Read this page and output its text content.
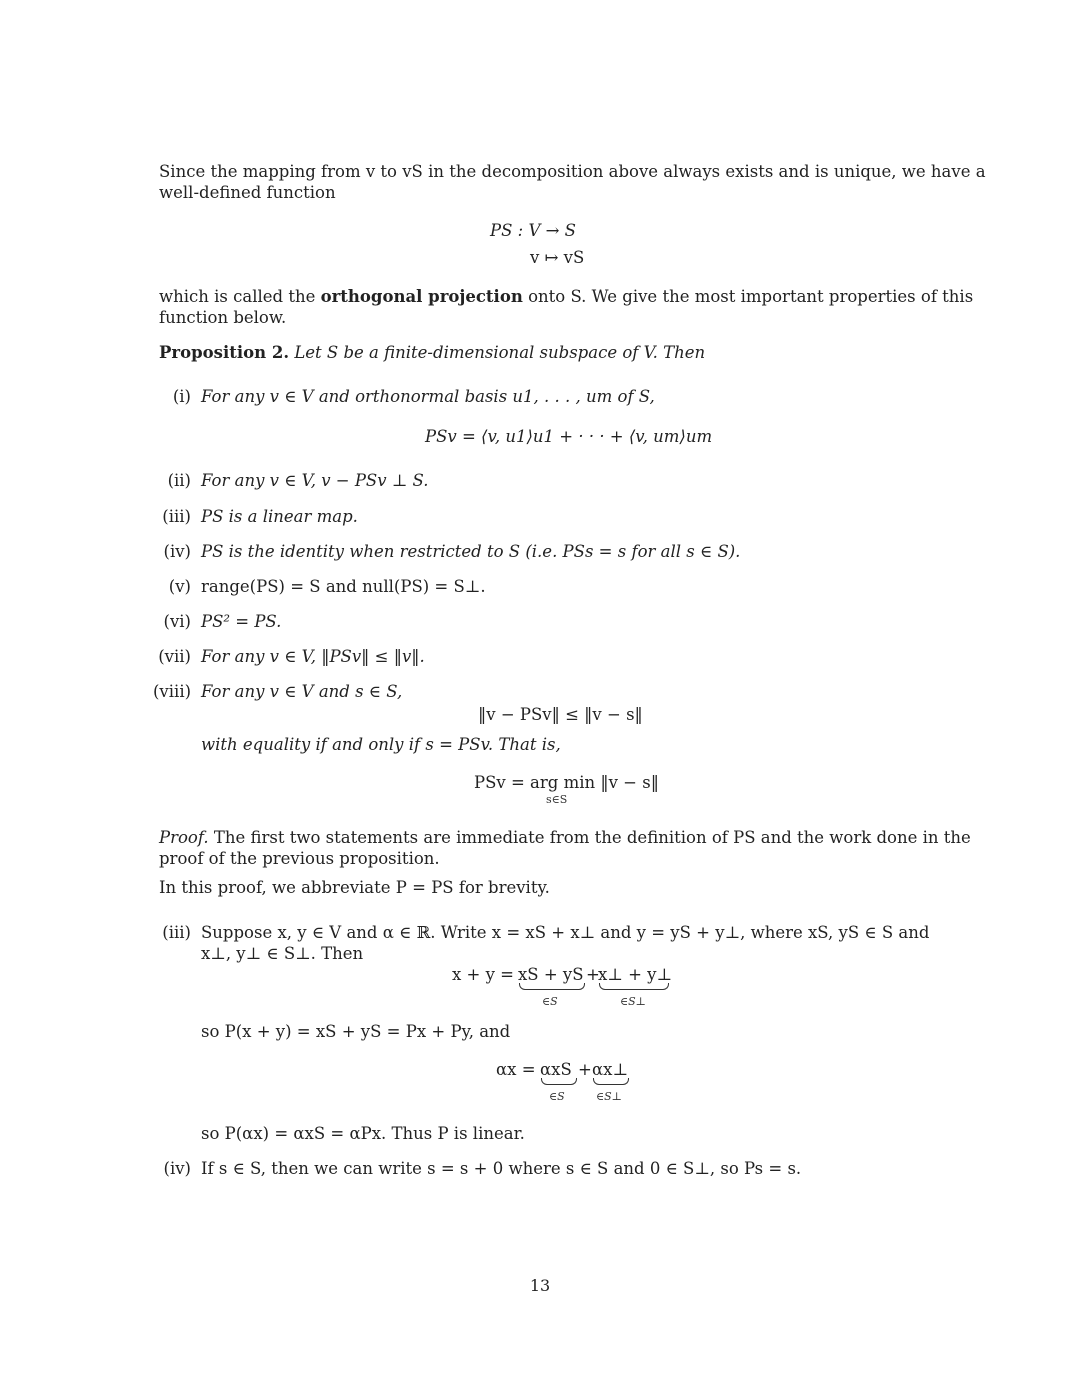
Since the mapping from v to vS in the decomposition above always exists and is unique, we have a
well-defined function
PS : V → S
v ↦ vS
which is called the orthogonal projection onto S. We give the most important properties of this
function below.
Proposition 2. Let S be a finite-dimensional subspace of V. Then
(i) For any v ∈ V and orthonormal basis u1, . . . , um of S,
PSv = ⟨v, u1⟩u1 + · · · + ⟨v, um⟩um
(ii) For any v ∈ V, v − PSv ⊥ S.
(iii) PS is a linear map.
(iv) PS is the identity when restricted to S (i.e. PSs = s for all s ∈ S).
(v) range(PS) = S and null(PS) = S⊥.
(vi) PS² = PS.
(vii) For any v ∈ V, ‖PSv‖ ≤ ‖v‖.
(viii) For any v ∈ V and s ∈ S,
‖v − PSv‖ ≤ ‖v − s‖
with equality if and only if s = PSv. That is,
PSv = arg min ‖v − s‖
s∈S
Proof. The first two statements are immediate from the definition of PS and the work done in the
proof of the previous proposition.
In this proof, we abbreviate P = PS for brevity.
(iii) Suppose x, y ∈ V and α ∈ ℝ. Write x = xS + x⊥ and y = yS + y⊥, where xS, yS ∈ S and
x⊥, y⊥ ∈ S⊥. Then
x + y = xS + yS +
x⊥ + y⊥
∈S	∈S⊥
so P(x + y) = xS + yS = Px + Py, and
αx = αxS + αx⊥
∈S	∈S⊥
so P(αx) = αxS = αPx. Thus P is linear.
(iv) If s ∈ S, then we can write s = s + 0 where s ∈ S and 0 ∈ S⊥, so Ps = s.
13
